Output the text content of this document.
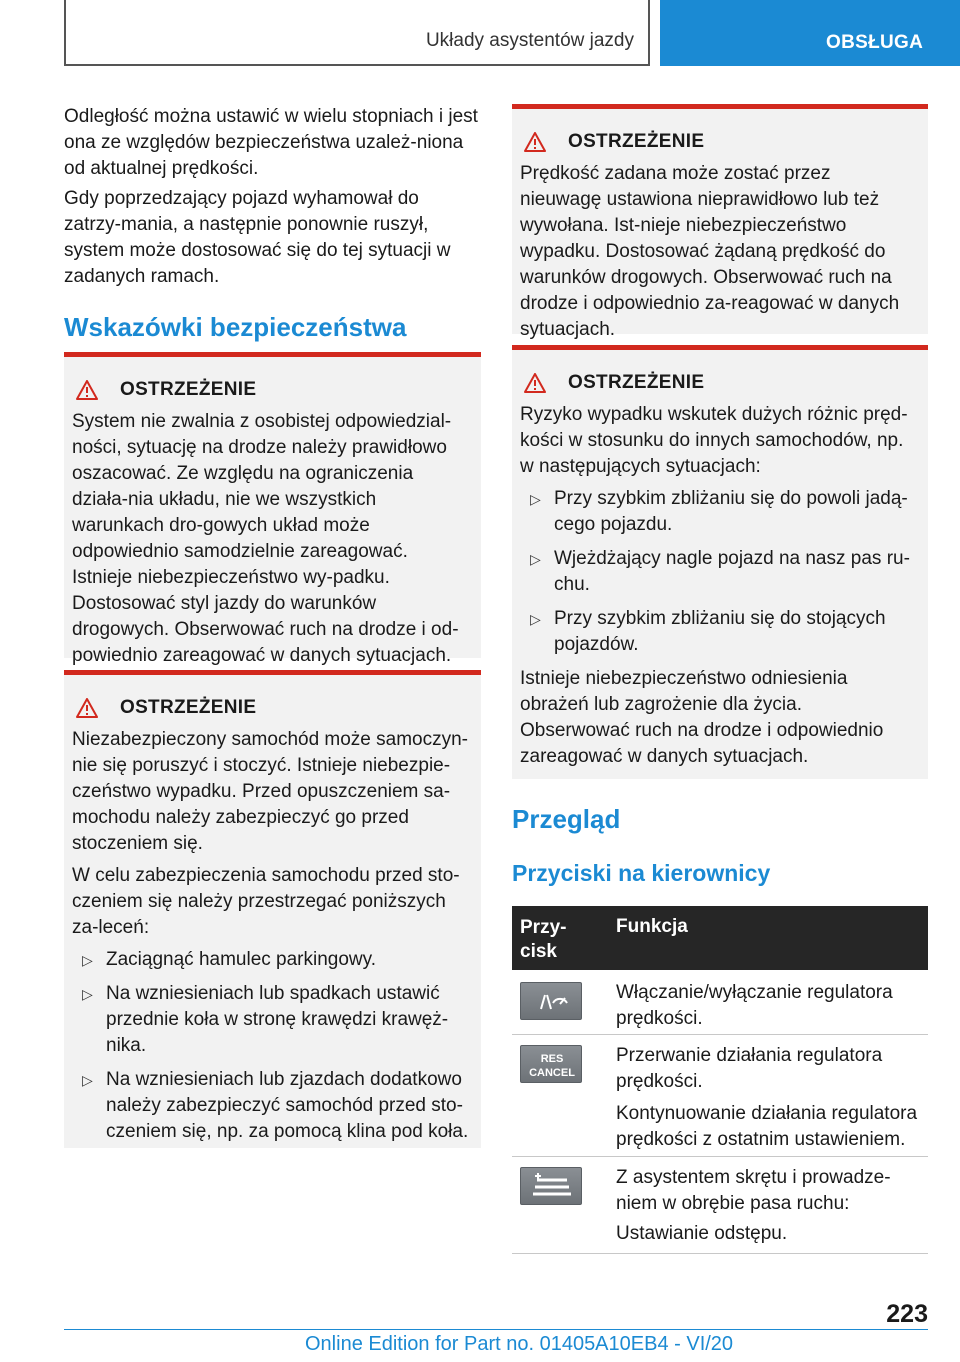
Układy asystentów jazdy	OBSŁUGA
Odległość można ustawić w wielu stopniach i jest ona ze względów bezpieczeństwa uzależ-niona od aktualnej prędkości.
Gdy poprzedzający pojazd wyhamował do zatrzy-mania, a następnie ponownie ruszył, system może dostosować się do tej sytuacji w zadanych ramach.
Wskazówki bezpieczeństwa
OSTRZEŻENIE
System nie zwalnia z osobistej odpowiedzial-ności, sytuację na drodze należy prawidłowo oszacować. Ze względu na ograniczenia działa-nia układu, nie we wszystkich warunkach dro-gowych układ może odpowiednio samodzielnie zareagować. Istnieje niebezpieczeństwo wy-padku. Dostosować styl jazdy do warunków drogowych. Obserwować ruch na drodze i od-powiednio zareagować w danych sytuacjach.
OSTRZEŻENIE
Niezabezpieczony samochód może samoczyn-nie się poruszyć i stoczyć. Istnieje niebezpie-czeństwo wypadku. Przed opuszczeniem sa-mochodu należy zabezpieczyć go przed stoczeniem się.
W celu zabezpieczenia samochodu przed sto-czeniem się należy przestrzegać poniższych za-leceń:
▷ Zaciągnąć hamulec parkingowy.
▷ Na wzniesieniach lub spadkach ustawić przednie koła w stronę krawędzi krawęż-nika.
▷ Na wzniesieniach lub zjazdach dodatkowo należy zabezpieczyć samochód przed sto-czeniem się, np. za pomocą klina pod koła.
OSTRZEŻENIE
Prędkość zadana może zostać przez nieuwagę ustawiona nieprawidłowo lub też wywołana. Ist-nieje niebezpieczeństwo wypadku. Dostosować żądaną prędkość do warunków drogowych. Obserwować ruch na drodze i odpowiednio za-reagować w danych sytuacjach.
OSTRZEŻENIE
Ryzyko wypadku wskutek dużych różnic pręd-kości w stosunku do innych samochodów, np. w następujących sytuacjach:
▷ Przy szybkim zbliżaniu się do powoli jadą-cego pojazdu.
▷ Wjeżdżający nagle pojazd na nasz pas ru-chu.
▷ Przy szybkim zbliżaniu się do stojących pojazdów.
Istnieje niebezpieczeństwo odniesienia obrażeń lub zagrożenie dla życia. Obserwować ruch na drodze i odpowiednio zareagować w danych sytuacjach.
Przegląd
Przyciski na kierownicy
Przy-cisk
Funkcja
Włączanie/wyłączanie regulatora prędkości.
RES
CANCEL
Przerwanie działania regulatora prędkości.
Kontynuowanie działania regulatora prędkości z ostatnim ustawieniem.
Z asystentem skrętu i prowadze-niem w obrębie pasa ruchu:
Ustawianie odstępu.
223
Online Edition for Part no. 01405A10EB4 - VI/20
